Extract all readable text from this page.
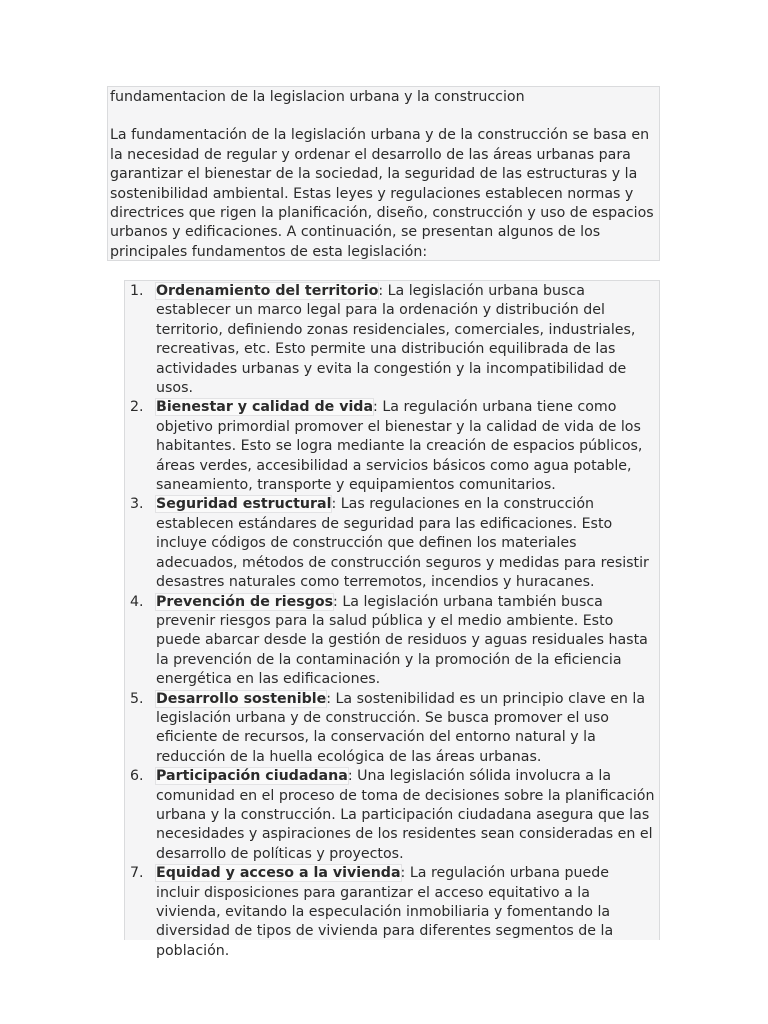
fundamentacion de la legislacion urbana y la construccion

La fundamentación de la legislación urbana y de la construcción se basa en la necesidad de regular y ordenar el desarrollo de las áreas urbanas para garantizar el bienestar de la sociedad, la seguridad de las estructuras y la sostenibilidad ambiental. Estas leyes y regulaciones establecen normas y directrices que rigen la planificación, diseño, construcción y uso de espacios urbanos y edificaciones. A continuación, se presentan algunos de los principales fundamentos de esta legislación:

1. Ordenamiento del territorio: La legislación urbana busca establecer un marco legal para la ordenación y distribución del territorio, definiendo zonas residenciales, comerciales, industriales, recreativas, etc. Esto permite una distribución equilibrada de las actividades urbanas y evita la congestión y la incompatibilidad de usos.
2. Bienestar y calidad de vida: La regulación urbana tiene como objetivo primordial promover el bienestar y la calidad de vida de los habitantes. Esto se logra mediante la creación de espacios públicos, áreas verdes, accesibilidad a servicios básicos como agua potable, saneamiento, transporte y equipamientos comunitarios.
3. Seguridad estructural: Las regulaciones en la construcción establecen estándares de seguridad para las edificaciones. Esto incluye códigos de construcción que definen los materiales adecuados, métodos de construcción seguros y medidas para resistir desastres naturales como terremotos, incendios y huracanes.
4. Prevención de riesgos: La legislación urbana también busca prevenir riesgos para la salud pública y el medio ambiente. Esto puede abarcar desde la gestión de residuos y aguas residuales hasta la prevención de la contaminación y la promoción de la eficiencia energética en las edificaciones.
5. Desarrollo sostenible: La sostenibilidad es un principio clave en la legislación urbana y de construcción. Se busca promover el uso eficiente de recursos, la conservación del entorno natural y la reducción de la huella ecológica de las áreas urbanas.
6. Participación ciudadana: Una legislación sólida involucra a la comunidad en el proceso de toma de decisiones sobre la planificación urbana y la construcción. La participación ciudadana asegura que las necesidades y aspiraciones de los residentes sean consideradas en el desarrollo de políticas y proyectos.
7. Equidad y acceso a la vivienda: La regulación urbana puede incluir disposiciones para garantizar el acceso equitativo a la vivienda, evitando la especulación inmobiliaria y fomentando la diversidad de tipos de vivienda para diferentes segmentos de la población.
